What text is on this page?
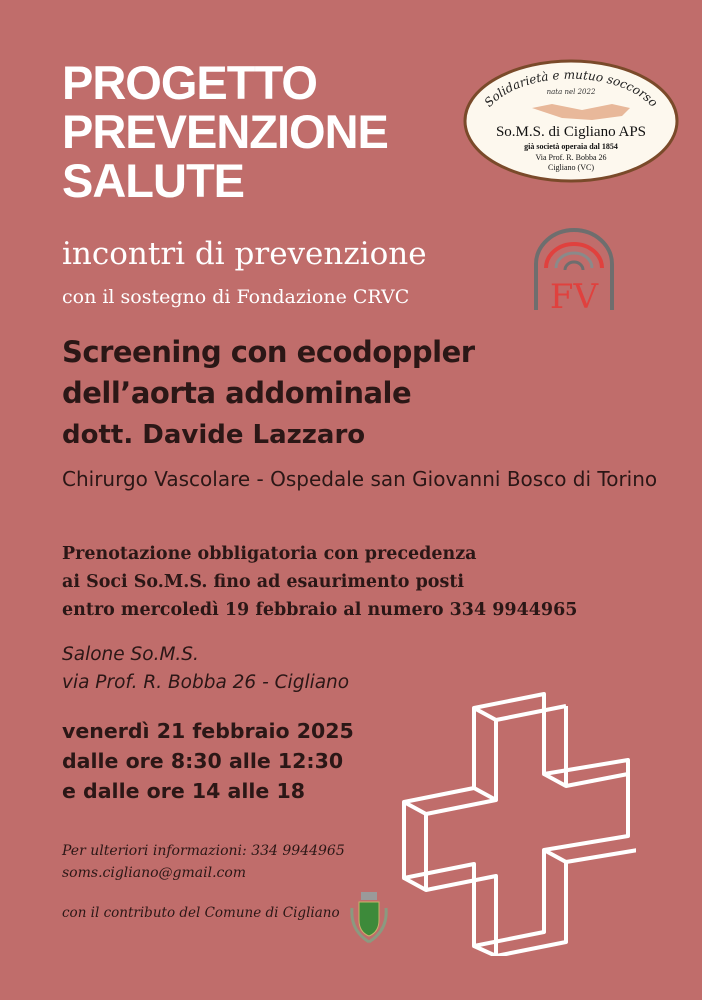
PROGETTO
PREVENZIONE
SALUTE
Solidarietà e mutuo soccorso
nata nel 2022
So.M.S. di Cigliano APS
già società operaia dal 1854
Via Prof. R. Bobba 26
Cigliano (VC)
FV
incontri di prevenzione
con il sostegno di Fondazione CRVC
Screening con ecodoppler
dell’aorta addominale
dott. Davide Lazzaro
Chirurgo Vascolare - Ospedale san Giovanni Bosco di Torino
Prenotazione obbligatoria con precedenza
ai Soci So.M.S. fino ad esaurimento posti
entro mercoledì 19 febbraio al numero 334 9944965
Salone So.M.S.
via Prof. R. Bobba 26 - Cigliano
venerdì 21 febbraio 2025
dalle ore 8:30 alle 12:30
e dalle ore 14 alle 18
Per ulteriori informazioni: 334 9944965
soms.cigliano@gmail.com
con il contributo del Comune di Cigliano
